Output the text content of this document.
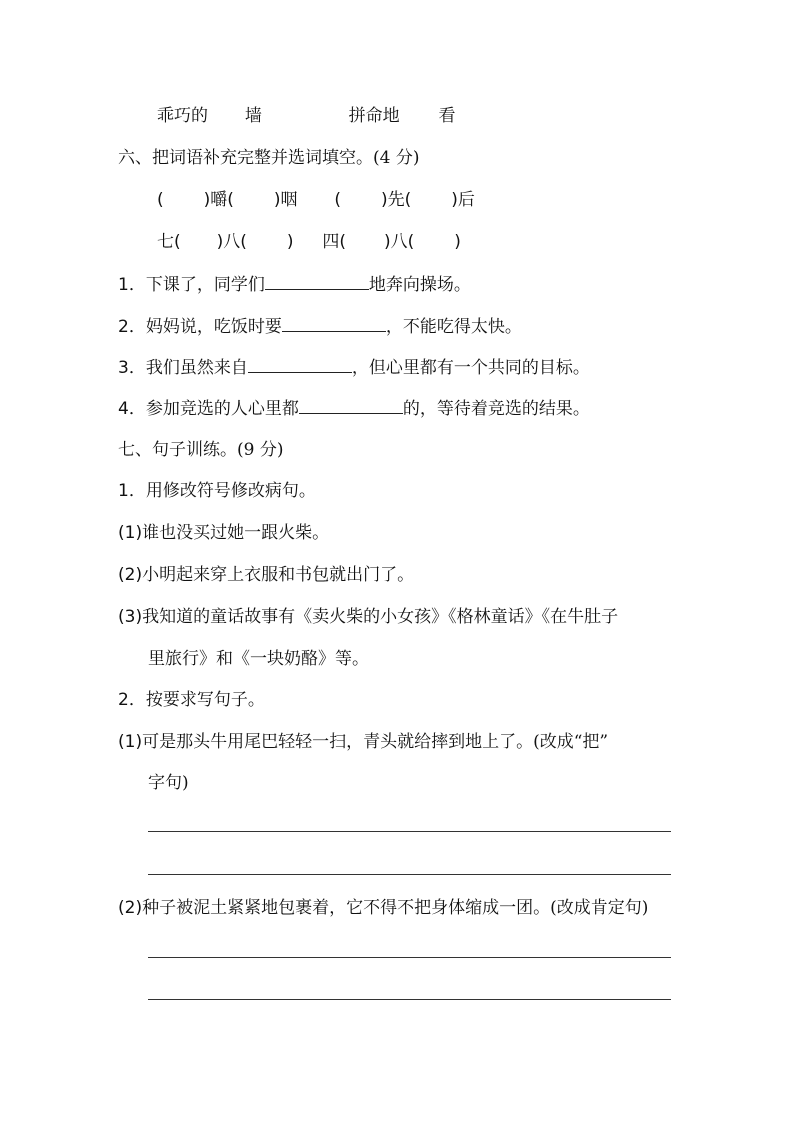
乖巧的 墙	拼命地 看
六、把词语补充完整并选词填空。(4 分)
( )嚼( )咽 ( )先( )后
七( )八( ) 四( )八( )
1．下课了，同学们	地奔向操场。
2．妈妈说，吃饭时要	，不能吃得太快。
3．我们虽然来自	，但心里都有一个共同的目标。
4．参加竞选的人心里都	的，等待着竞选的结果。
七、句子训练。(9 分)
1．用修改符号修改病句。
(1)谁也没买过她一跟火柴。
(2)小明起来穿上衣服和书包就出门了。
(3)我知道的童话故事有《卖火柴的小女孩》《格林童话》《在牛肚子
里旅行》和《一块奶酪》等。
2．按要求写句子。
(1)可是那头牛用尾巴轻轻一扫，青头就给摔到地上了。(改成“把”
字句)
(2)种子被泥土紧紧地包裹着，它不得不把身体缩成一团。(改成肯定句)
